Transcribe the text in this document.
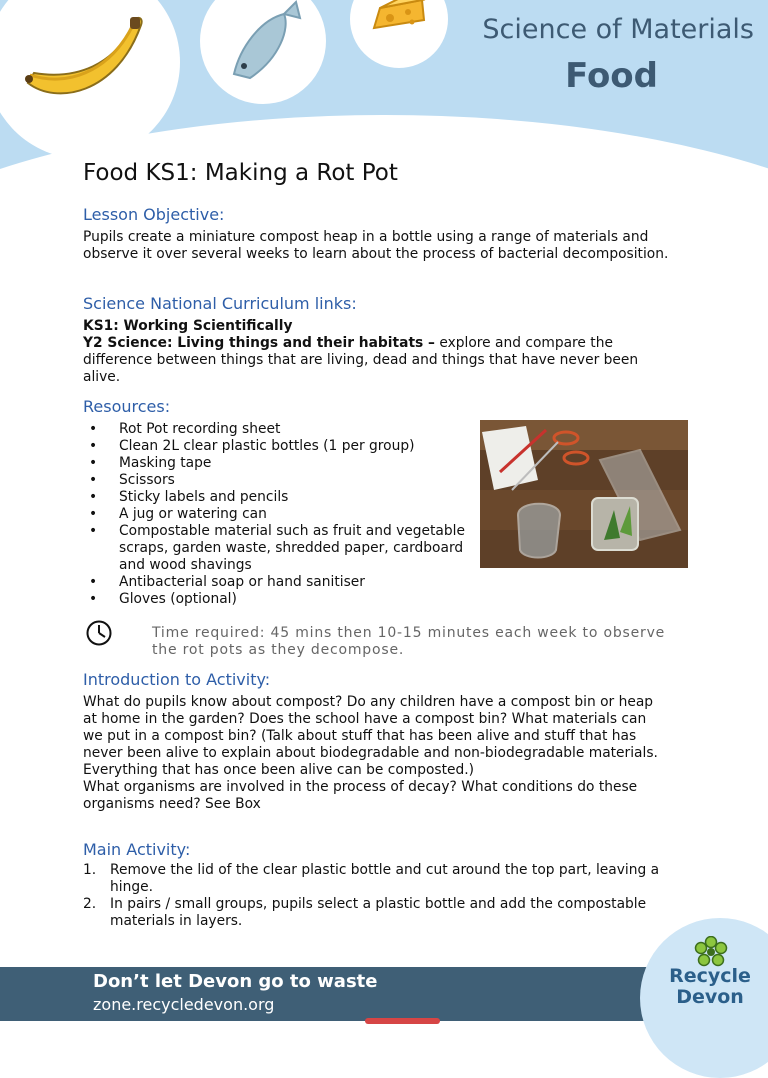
Science of Materials
Food
Food KS1: Making a Rot Pot
Lesson Objective:

Pupils create a miniature compost heap in a bottle using a range of materials and observe it over several weeks to learn about the process of bacterial decomposition.

Science National Curriculum links:

KS1: Working Scientifically

Y2 Science: Living things and their habitats – explore and compare the difference between things that are living, dead and things that have never been alive.

Resources:
• Rot Pot recording sheet
• Clean 2L clear plastic bottles (1 per group)
• Masking tape
• Scissors
• Sticky labels and pencils
• A jug or watering can
• Compostable material such as fruit and vegetable scraps, garden waste, shredded paper, cardboard and wood shavings
• Antibacterial soap or hand sanitiser
• Gloves (optional)
Time required: 45 mins then 10-15 minutes each week to observe the rot pots as they decompose.
Introduction to Activity:

What do pupils know about compost? Do any children have a compost bin or heap at home in the garden? Does the school have a compost bin? What materials can we put in a compost bin? (Talk about stuff that has been alive and stuff that has never been alive to explain about biodegradable and non-biodegradable materials. Everything that has once been alive can be composted.)

What organisms are involved in the process of decay? What conditions do these organisms need? See Box

Main Activity:
1. Remove the lid of the clear plastic bottle and cut around the top part, leaving a hinge.
2. In pairs / small groups, pupils select a plastic bottle and add the compostable materials in layers.
Don’t let Devon go to waste
zone.recycledevon.org
Recycle
Devon
